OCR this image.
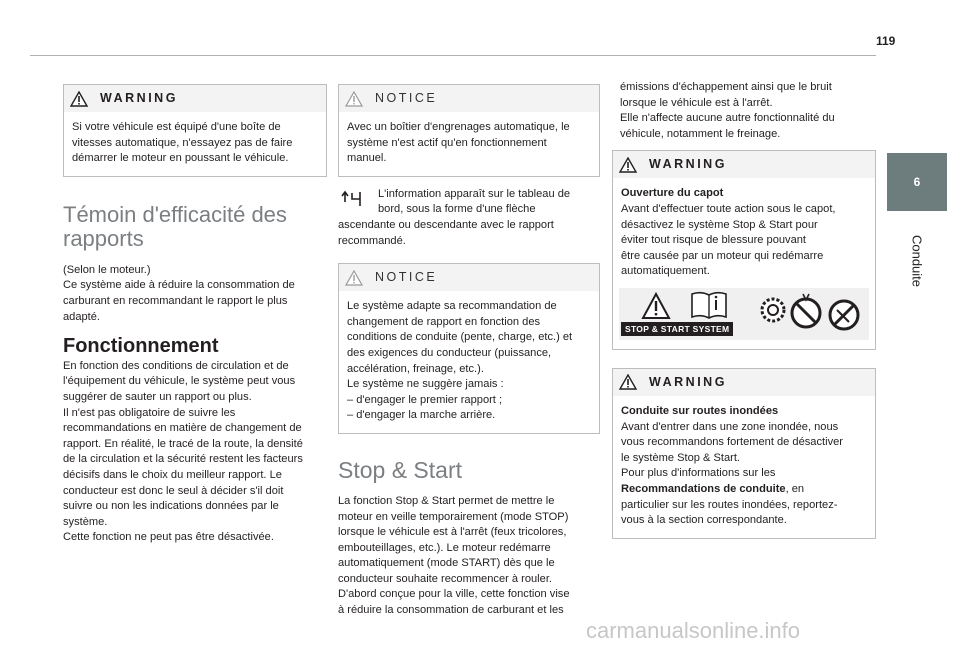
119
6
Conduite
WARNING
Si votre véhicule est équipé d'une boîte de
vitesses automatique, n'essayez pas de faire
démarrer le moteur en poussant le véhicule.
Témoin d'efficacité des
rapports
(Selon le moteur.)
Ce système aide à réduire la consommation de
carburant en recommandant le rapport le plus
adapté.
Fonctionnement
En fonction des conditions de circulation et de
l'équipement du véhicule, le système peut vous
suggérer de sauter un rapport ou plus.
Il n'est pas obligatoire de suivre les
recommandations en matière de changement de
rapport. En réalité, le tracé de la route, la densité
de la circulation et la sécurité restent les facteurs
décisifs dans le choix du meilleur rapport. Le
conducteur est donc le seul à décider s'il doit
suivre ou non les indications données par le
système.
Cette fonction ne peut pas être désactivée.
NOTICE
Avec un boîtier d'engrenages automatique, le
système n'est actif qu'en fonctionnement
manuel.
L'information apparaît sur le tableau de
bord, sous la forme d'une flèche
ascendante ou descendante avec le rapport
recommandé.
NOTICE
Le système adapte sa recommandation de
changement de rapport en fonction des
conditions de conduite (pente, charge, etc.) et
des exigences du conducteur (puissance,
accélération, freinage, etc.).
Le système ne suggère jamais :
– d'engager le premier rapport ;
– d'engager la marche arrière.
Stop & Start
La fonction Stop & Start permet de mettre le
moteur en veille temporairement (mode STOP)
lorsque le véhicule est à l'arrêt (feux tricolores,
embouteillages, etc.). Le moteur redémarre
automatiquement (mode START) dès que le
conducteur souhaite recommencer à rouler.
D'abord conçue pour la ville, cette fonction vise
à réduire la consommation de carburant et les
émissions d'échappement ainsi que le bruit
lorsque le véhicule est à l'arrêt.
Elle n'affecte aucune autre fonctionnalité du
véhicule, notamment le freinage.
WARNING
Ouverture du capot
Avant d'effectuer toute action sous le capot,
désactivez le système Stop & Start pour
éviter tout risque de blessure pouvant
être causée par un moteur qui redémarre
automatiquement.
STOP & START SYSTEM
WARNING
Conduite sur routes inondées
Avant d'entrer dans une zone inondée, nous
vous recommandons fortement de désactiver
le système Stop & Start.
Pour plus d'informations sur les
Recommandations de conduite, en
particulier sur les routes inondées, reportez-
vous à la section correspondante.
carmanualsonline.info
